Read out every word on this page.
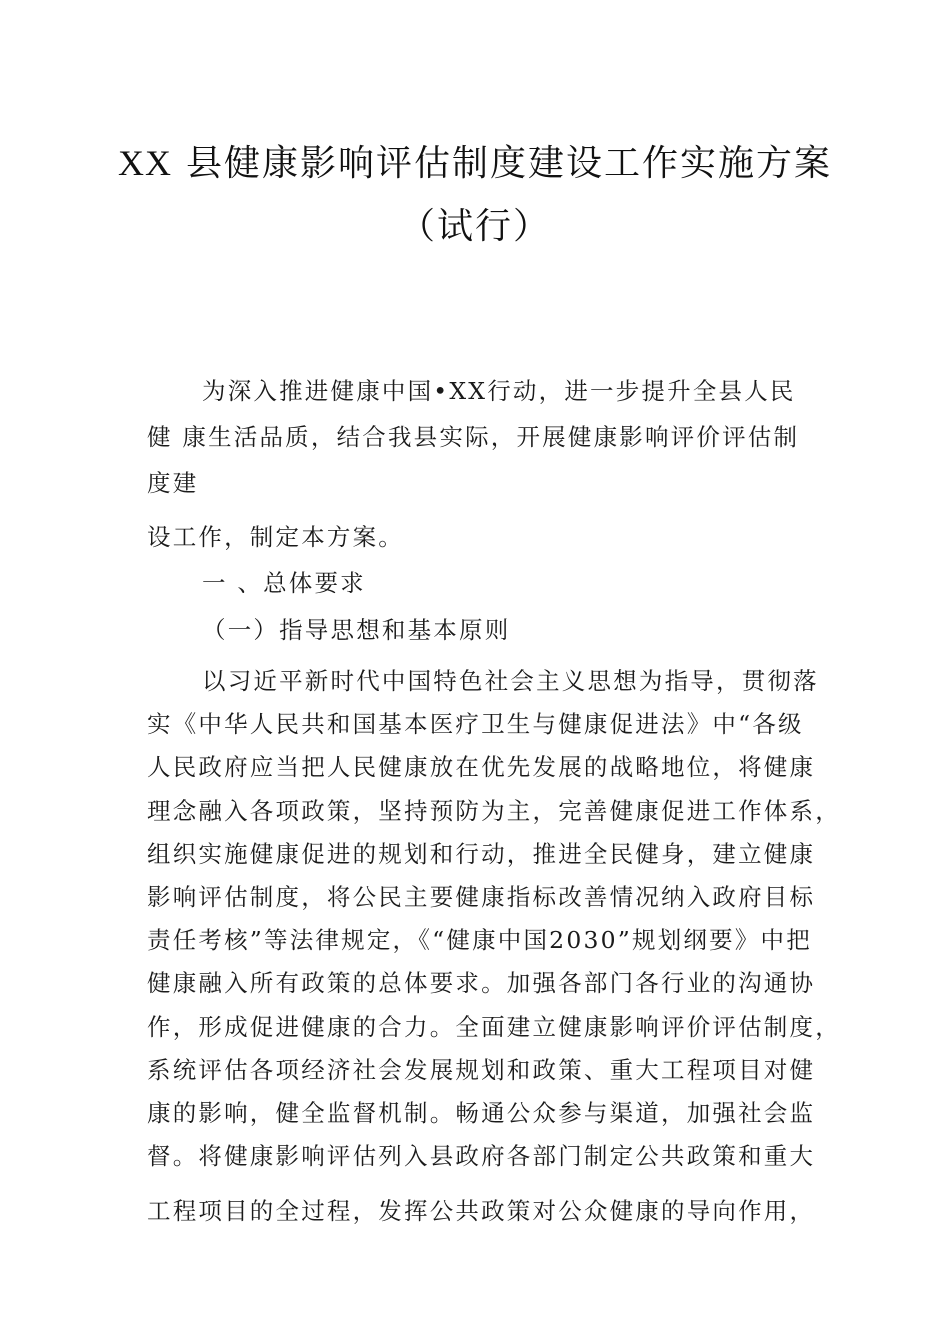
XX 县健康影响评估制度建设工作实施方案
（试行）
为深入推进健康中国•XX行动，进一步提升全县人民
健 康生活品质，结合我县实际，开展健康影响评价评估制
度建
设工作，制定本方案。
一 、总体要求
（一）指导思想和基本原则
以习近平新时代中国特色社会主义思想为指导，贯彻落
实《中华人民共和国基本医疗卫生与健康促进法》中“各级
人民政府应当把人民健康放在优先发展的战略地位，将健康
理念融入各项政策，坚持预防为主，完善健康促进工作体系，
组织实施健康促进的规划和行动，推进全民健身，建立健康
影响评估制度，将公民主要健康指标改善情况纳入政府目标
责任考核”等法律规定，《“健康中国2030”规划纲要》中把
健康融入所有政策的总体要求。加强各部门各行业的沟通协
作，形成促进健康的合力。全面建立健康影响评价评估制度，
系统评估各项经济社会发展规划和政策、重大工程项目对健
康的影响，健全监督机制。畅通公众参与渠道，加强社会监
督。将健康影响评估列入县政府各部门制定公共政策和重大
工程项目的全过程，发挥公共政策对公众健康的导向作用，
